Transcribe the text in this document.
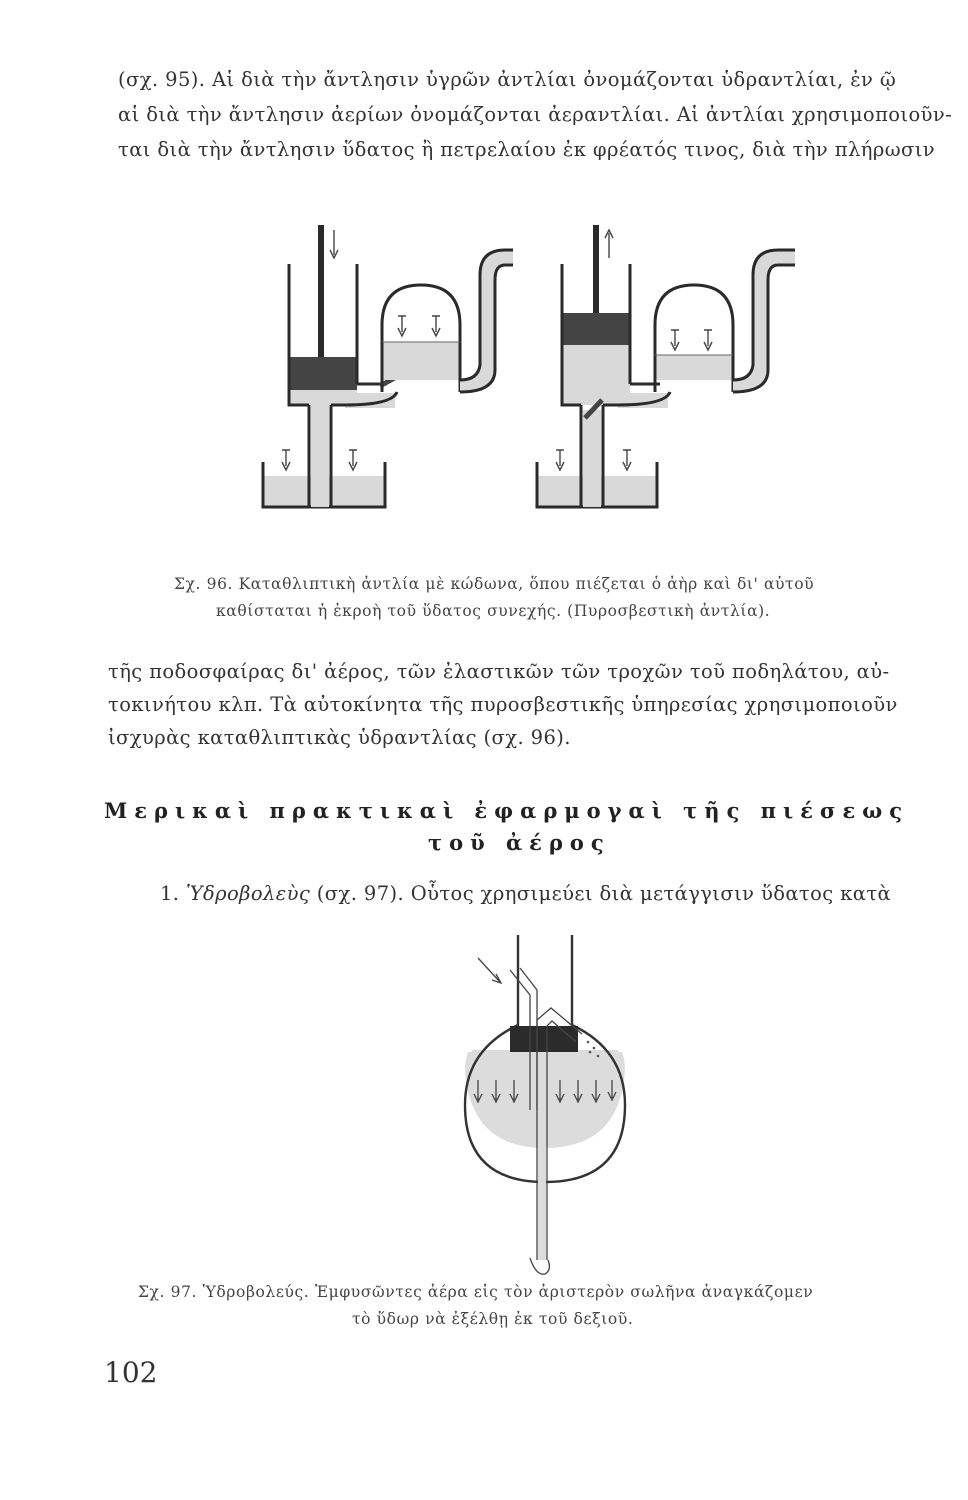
(σχ. 95). Αἱ διὰ τὴν ἄντλησιν ὑγρῶν ἀντλίαι ὀνομάζονται ὑδραντλίαι, ἐν ῷ
αἱ διὰ τὴν ἄντλησιν ἀερίων ὀνομάζονται ἀεραντλίαι. Αἱ ἀντλίαι χρησιμοποιοῦν-
ται διὰ τὴν ἄντλησιν ὕδατος ἢ πετρελαίου ἐκ φρέατός τινος, διὰ τὴν πλήρωσιν
Σχ. 96. Καταθλιπτικὴ ἀντλία μὲ κώδωνα, ὅπου πιέζεται ὁ ἀὴρ καὶ δι' αὐτοῦ
καθίσταται ἡ ἐκροὴ τοῦ ὕδατος συνεχής. (Πυροσβεστικὴ ἀντλία).
τῆς ποδοσφαίρας δι' ἀέρος, τῶν ἐλαστικῶν τῶν τροχῶν τοῦ ποδηλάτου, αὐ-
τοκινήτου κλπ. Τὰ αὐτοκίνητα τῆς πυροσβεστικῆς ὑπηρεσίας χρησιμοποιοῦν
ἰσχυρὰς καταθλιπτικὰς ὑδραντλίας (σχ. 96).
Μερικαὶ πρακτικαὶ ἐφαρμογαὶ τῆς πιέσεως
τοῦ ἀέρος
1. Ὑδροβολεὺς (σχ. 97). Οὗτος χρησιμεύει διὰ μετάγγισιν ὕδατος κατὰ
Σχ. 97. Ὑδροβολεύς. Ἐμφυσῶντες ἀέρα εἰς τὸν ἀριστερὸν σωλῆνα ἀναγκάζομεν
τὸ ὕδωρ νὰ ἐξέλθῃ ἐκ τοῦ δεξιοῦ.
102
